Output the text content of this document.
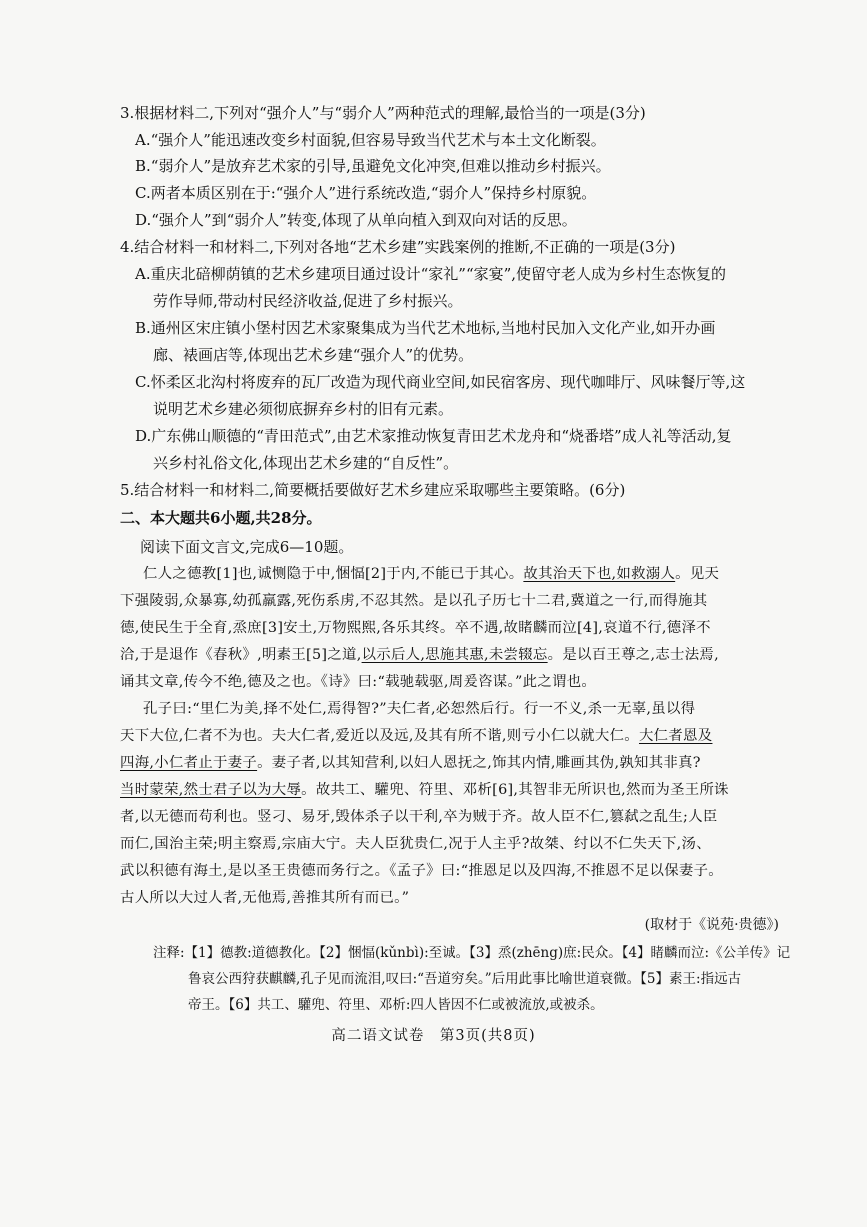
3.根据材料二,下列对“强介人”与“弱介人”两种范式的理解,最恰当的一项是(3分)
A.“强介人”能迅速改变乡村面貌,但容易导致当代艺术与本土文化断裂。
B.“弱介人”是放弃艺术家的引导,虽避免文化冲突,但难以推动乡村振兴。
C.两者本质区别在于:“强介人”进行系统改造,“弱介人”保持乡村原貌。
D.“强介人”到“弱介人”转变,体现了从单向植入到双向对话的反思。
4.结合材料一和材料二,下列对各地“艺术乡建”实践案例的推断,不正确的一项是(3分)
A.重庆北碚柳荫镇的艺术乡建项目通过设计“家礼”“家宴”,使留守老人成为乡村生态恢复的
劳作导师,带动村民经济收益,促进了乡村振兴。
B.通州区宋庄镇小堡村因艺术家聚集成为当代艺术地标,当地村民加入文化产业,如开办画
廊、裱画店等,体现出艺术乡建“强介人”的优势。
C.怀柔区北沟村将废弃的瓦厂改造为现代商业空间,如民宿客房、现代咖啡厅、风味餐厅等,这
说明艺术乡建必须彻底摒弃乡村的旧有元素。
D.广东佛山顺德的“青田范式”,由艺术家推动恢复青田艺术龙舟和“烧番塔”成人礼等活动,复
兴乡村礼俗文化,体现出艺术乡建的“自反性”。
5.结合材料一和材料二,简要概括要做好艺术乡建应采取哪些主要策略。(6分)
二、本大题共6小题,共28分。
阅读下面文言文,完成6—10题。
仁人之德教[1]也,诚恻隐于中,悃愊[2]于内,不能已于其心。故其治天下也,如救溺人。见天
下强陵弱,众暴寡,幼孤羸露,死伤系虏,不忍其然。是以孔子历七十二君,冀道之一行,而得施其
德,使民生于全育,烝庶[3]安土,万物熙熙,各乐其终。卒不遇,故睹麟而泣[4],哀道不行,德泽不
洽,于是退作《春秋》,明素王[5]之道,以示后人,思施其惠,未尝辍忘。是以百王尊之,志士法焉,
诵其文章,传今不绝,德及之也。《诗》曰:“载驰载驱,周爰咨谋。”此之谓也。
孔子曰:“里仁为美,择不处仁,焉得智?”夫仁者,必恕然后行。行一不义,杀一无辜,虽以得
天下大位,仁者不为也。夫大仁者,爱近以及远,及其有所不谐,则亏小仁以就大仁。大仁者恩及
四海,小仁者止于妻子。妻子者,以其知营利,以妇人恩抚之,饰其内情,雕画其伪,孰知其非真?
当时蒙荣,然士君子以为大辱。故共工、驩兜、符里、邓析[6],其智非无所识也,然而为圣王所诛
者,以无德而苟利也。竖刁、易牙,毁体杀子以干利,卒为贼于齐。故人臣不仁,篡弑之乱生;人臣
而仁,国治主荣;明主察焉,宗庙大宁。夫人臣犹贵仁,况于人主乎?故桀、纣以不仁失天下,汤、
武以积德有海土,是以圣王贵德而务行之。《孟子》曰:“推恩足以及四海,不推恩不足以保妻子。
古人所以大过人者,无他焉,善推其所有而已。”
(取材于《说苑·贵德》)
注释:【1】德教:道德教化。【2】悃愊(kǔnbì):至诚。【3】烝(zhēng)庶:民众。【4】睹麟而泣:《公羊传》记
鲁哀公西狩获麒麟,孔子见而流泪,叹曰:“吾道穷矣。”后用此事比喻世道衰微。【5】素王:指远古
帝王。【6】共工、驩兜、符里、邓析:四人皆因不仁或被流放,或被杀。
高二语文试卷　第3页(共8页)
